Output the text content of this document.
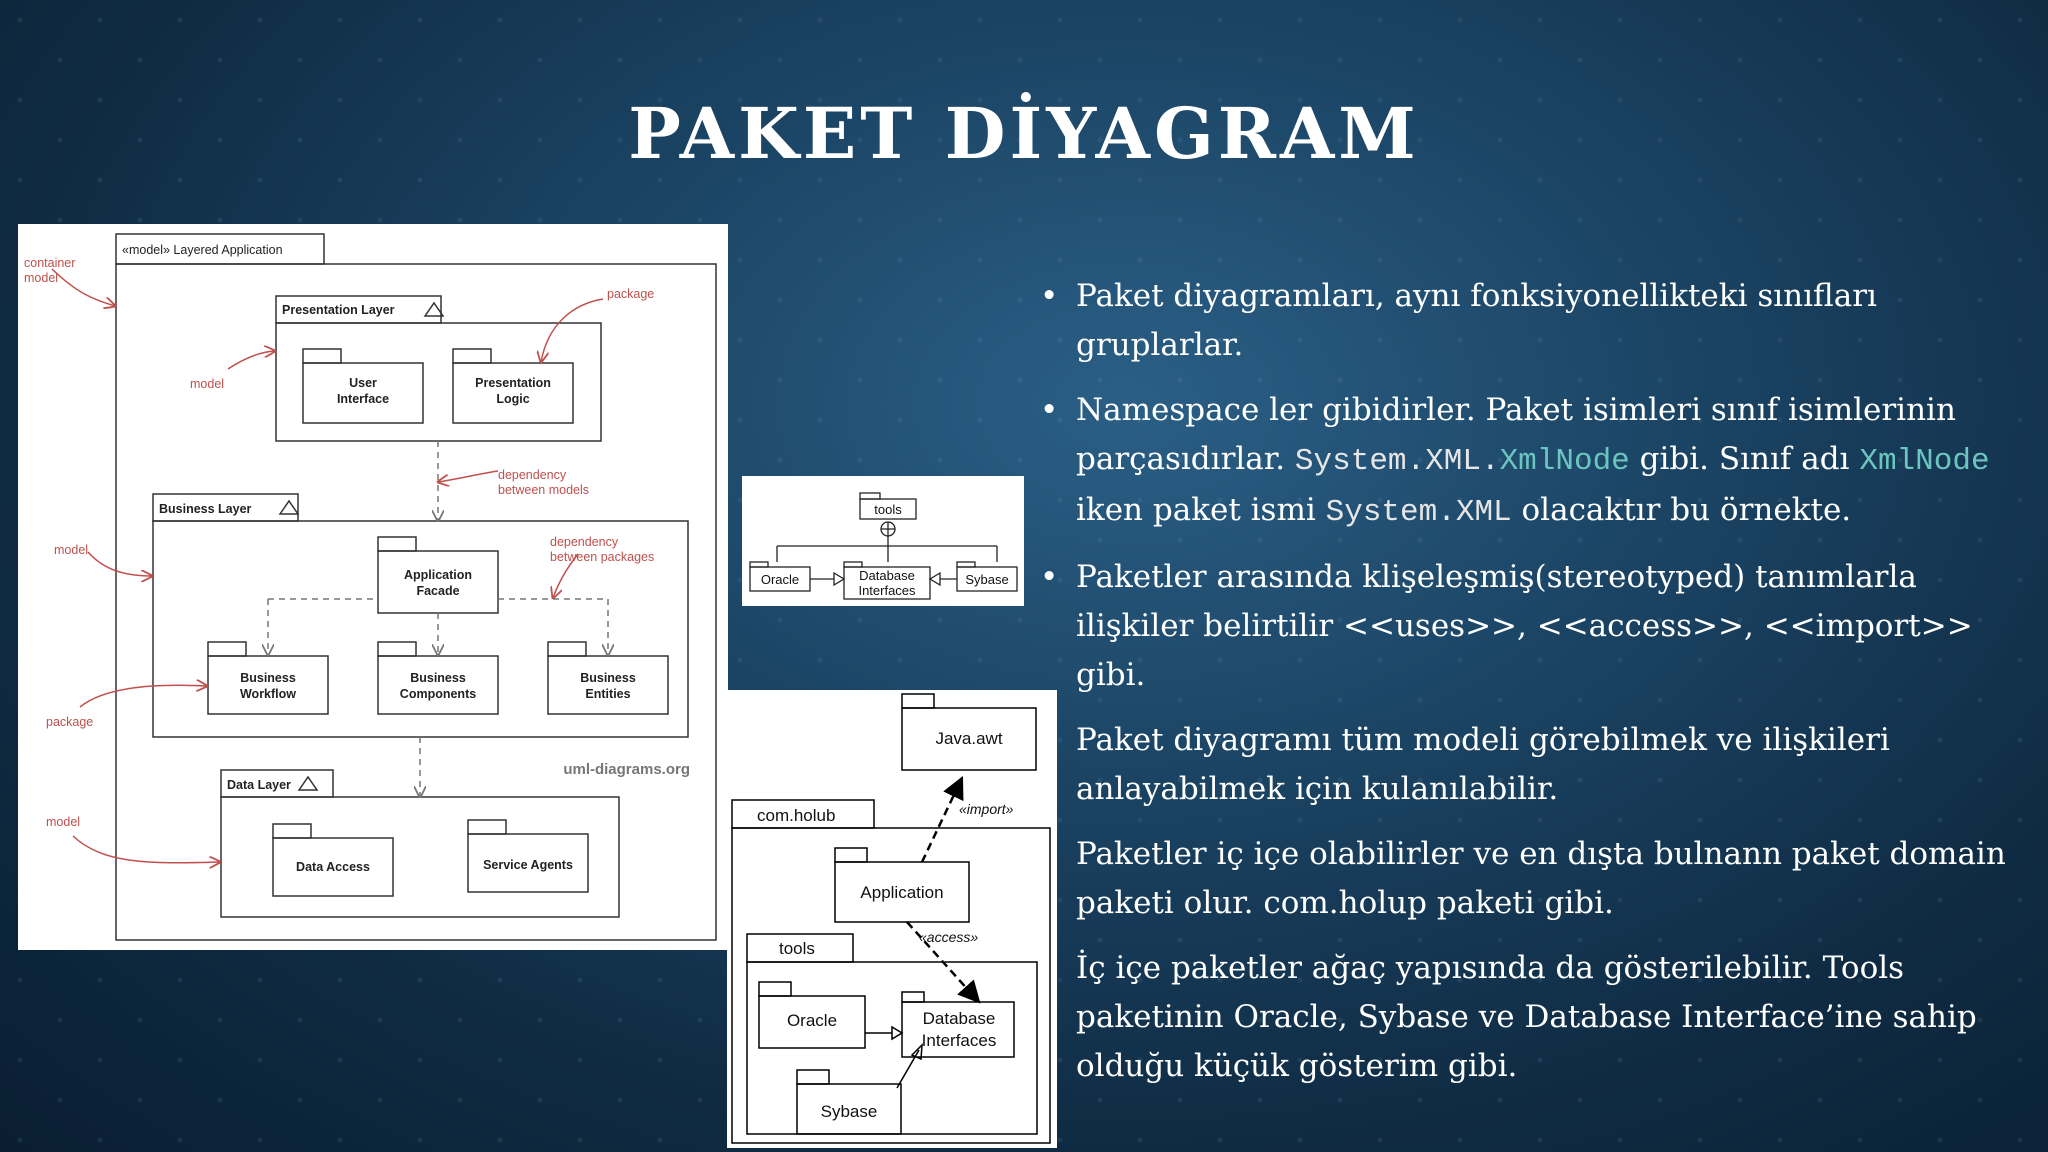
PAKET DİYAGRAM
«model» Layered Application
Presentation Layer
User
Interface
Presentation
Logic
Business Layer
Application
Facade
Business
Workflow
Business
Components
Business
Entities
Data Layer
Data Access	Service Agents
uml-diagrams.org
container
model
package
model
dependency
between models
model
dependency
between packages
package
model
tools
Oracle	Database
Interfaces
Sybase
Java.awt
com.holub
Application
tools
Oracle	Database
Interfaces
Sybase
«import»
«access»
• Paket diyagramları, aynı fonksiyonellikteki sınıfları gruplarlar.
• Namespace ler gibidirler. Paket isimleri sınıf isimlerinin parçasıdırlar. System.XML.XmlNode gibi. Sınıf adı XmlNode iken paket ismi System.XML olacaktır bu örnekte.
• Paketler arasında klişeleşmiş(stereotyped) tanımlarla ilişkiler belirtilir <<uses>>, <<access>>, <<import>> gibi.
Paket diyagramı tüm modeli görebilmek ve ilişkileri anlayabilmek için kulanılabilir.
Paketler iç içe olabilirler ve en dışta bulnann paket domain paketi olur. com.holup paketi gibi.
İç içe paketler ağaç yapısında da gösterilebilir. Tools paketinin Oracle, Sybase ve Database Interface’ine sahip olduğu küçük gösterim gibi.
